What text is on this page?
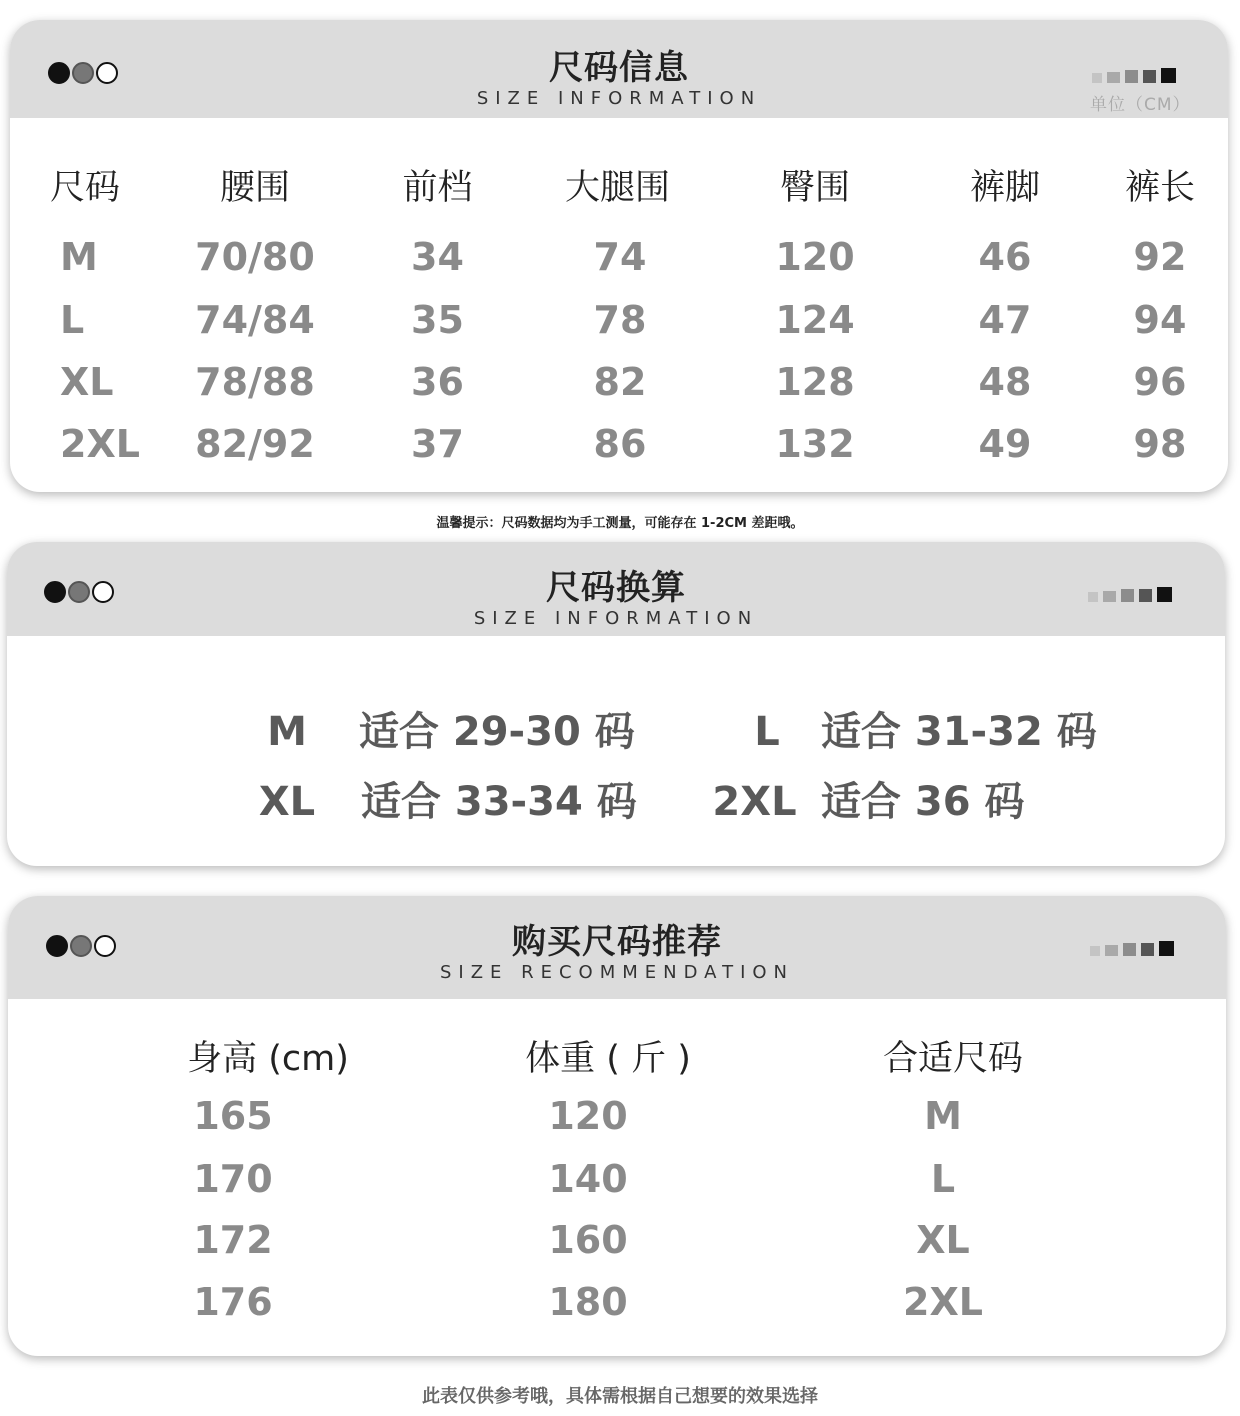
尺码信息
SIZE INFORMATION	单位（CM）
尺码	腰围	前档	大腿围	臀围	裤脚	裤长
M	70/80	34	74	120	46	92
L	74/84	35	78	124	47	94
XL 78/88	36	82	128	48	96
2XL 82/92	37	86	132	49	98
温馨提示：尺码数据均为手工测量，可能存在 1-2CM 差距哦。
尺码换算
SIZE INFORMATION
M 适合 29-30 码	L 适合 31-32 码
XL 适合 33-34 码 2XL 适合 36 码
购买尺码推荐
SIZE RECOMMENDATION
身高 (cm)	体重 ( 斤 )	合适尺码
165	120	M
170	140	L
172	160	XL
176	180	2XL
此表仅供参考哦，具体需根据自己想要的效果选择
